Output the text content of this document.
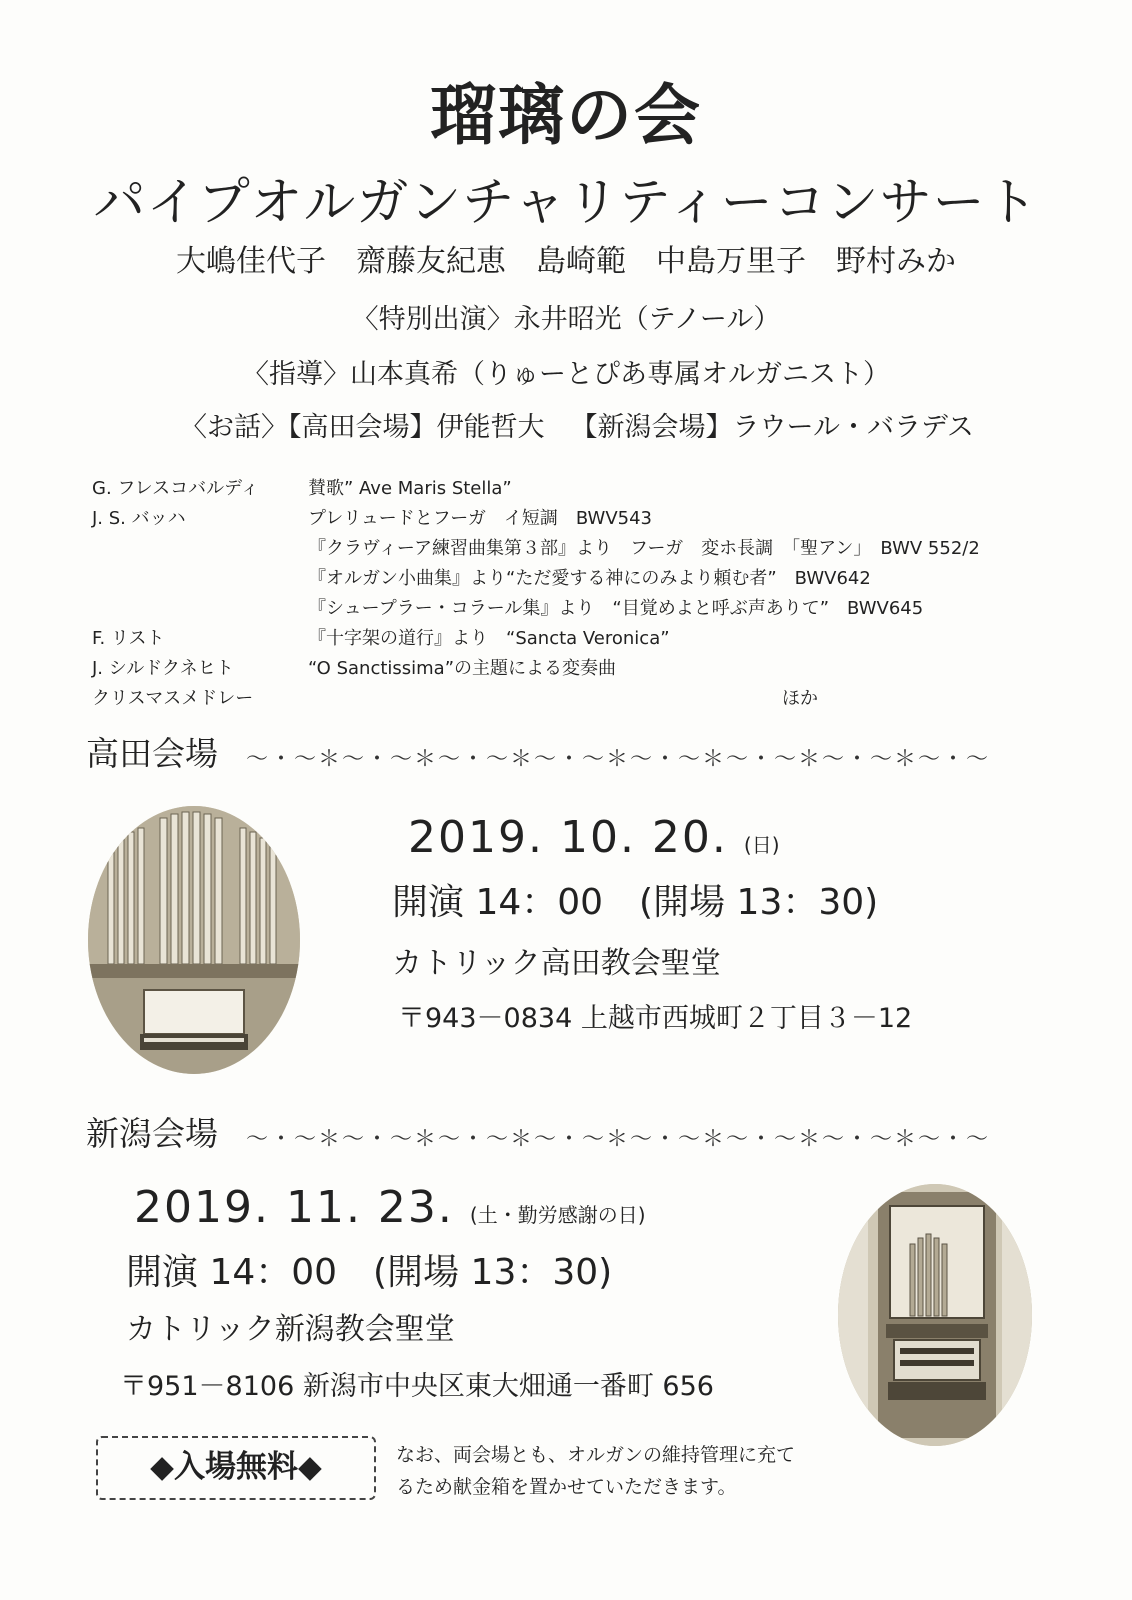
瑠璃の会
パイプオルガンチャリティーコンサート
大嶋佳代子　齋藤友紀恵　島崎範　中島万里子　野村みか
〈特別出演〉永井昭光（テノール）
〈指導〉山本真希（りゅーとぴあ専属オルガニスト）
〈お話〉【高田会場】伊能哲大 【新潟会場】ラウール・バラデス
G. フレスコバルディ	賛歌” Ave Maris Stella”
J. S. バッハ	プレリュードとフーガ　イ短調　BWV543
『クラヴィーア練習曲集第３部』より　フーガ　変ホ長調　「聖アン」　BWV 552/2
『オルガン小曲集』より“ただ愛する神にのみより頼む者”　BWV642
『シュープラー・コラール集』より　“目覚めよと呼ぶ声ありて”　BWV645
F. リスト	『十字架の道行』より　“Sancta Veronica”
J. シルドクネヒト	“O Sanctissima”の主題による変奏曲
クリスマスメドレー	ほか
高田会場 ～・～＊～・～＊～・～＊～・～＊～・～＊～・～＊～・～＊～・～
2019. 10. 20. (日)
開演 14：00　(開場 13：30)
カトリック高田教会聖堂
〒943－0834 上越市西城町２丁目３－12
新潟会場 ～・～＊～・～＊～・～＊～・～＊～・～＊～・～＊～・～＊～・～
2019. 11. 23. (土・勤労感謝の日)
開演 14：00　(開場 13：30)
カトリック新潟教会聖堂
〒951－8106 新潟市中央区東大畑通一番町 656
◆入場無料◆	なお、両会場とも、オルガンの維持管理に充て
るため献金箱を置かせていただきます。
